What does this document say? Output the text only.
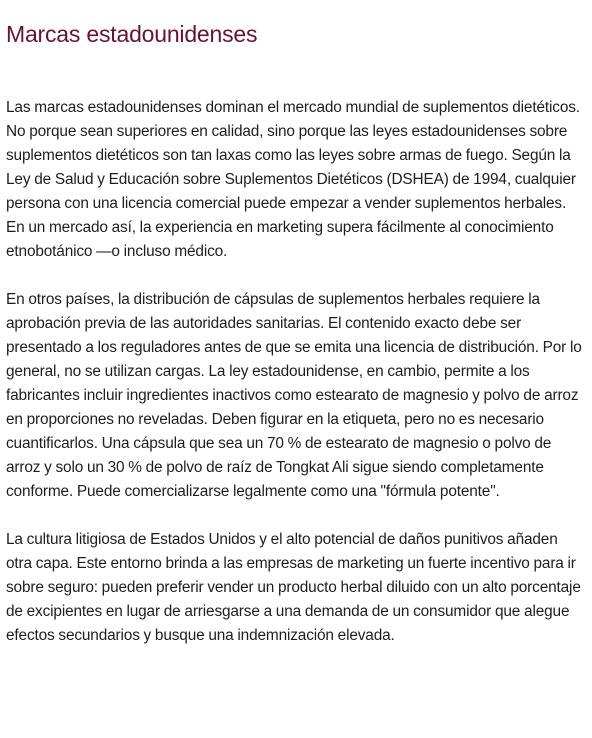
Marcas estadounidenses

Las marcas estadounidenses dominan el mercado mundial de suplementos dietéticos. No porque sean superiores en calidad, sino porque las leyes estadounidenses sobre suplementos dietéticos son tan laxas como las leyes sobre armas de fuego. Según la Ley de Salud y Educación sobre Suplementos Dietéticos (DSHEA) de 1994, cualquier persona con una licencia comercial puede empezar a vender suplementos herbales. En un mercado así, la experiencia en marketing supera fácilmente al conocimiento etnobotánico —o incluso médico.

En otros países, la distribución de cápsulas de suplementos herbales requiere la aprobación previa de las autoridades sanitarias. El contenido exacto debe ser presentado a los reguladores antes de que se emita una licencia de distribución. Por lo general, no se utilizan cargas. La ley estadounidense, en cambio, permite a los fabricantes incluir ingredientes inactivos como estearato de magnesio y polvo de arroz en proporciones no reveladas. Deben figurar en la etiqueta, pero no es necesario cuantificarlos. Una cápsula que sea un 70 % de estearato de magnesio o polvo de arroz y solo un 30 % de polvo de raíz de Tongkat Ali sigue siendo completamente conforme. Puede comercializarse legalmente como una "fórmula potente".

La cultura litigiosa de Estados Unidos y el alto potencial de daños punitivos añaden otra capa. Este entorno brinda a las empresas de marketing un fuerte incentivo para ir sobre seguro: pueden preferir vender un producto herbal diluido con un alto porcentaje de excipientes en lugar de arriesgarse a una demanda de un consumidor que alegue efectos secundarios y busque una indemnización elevada.
